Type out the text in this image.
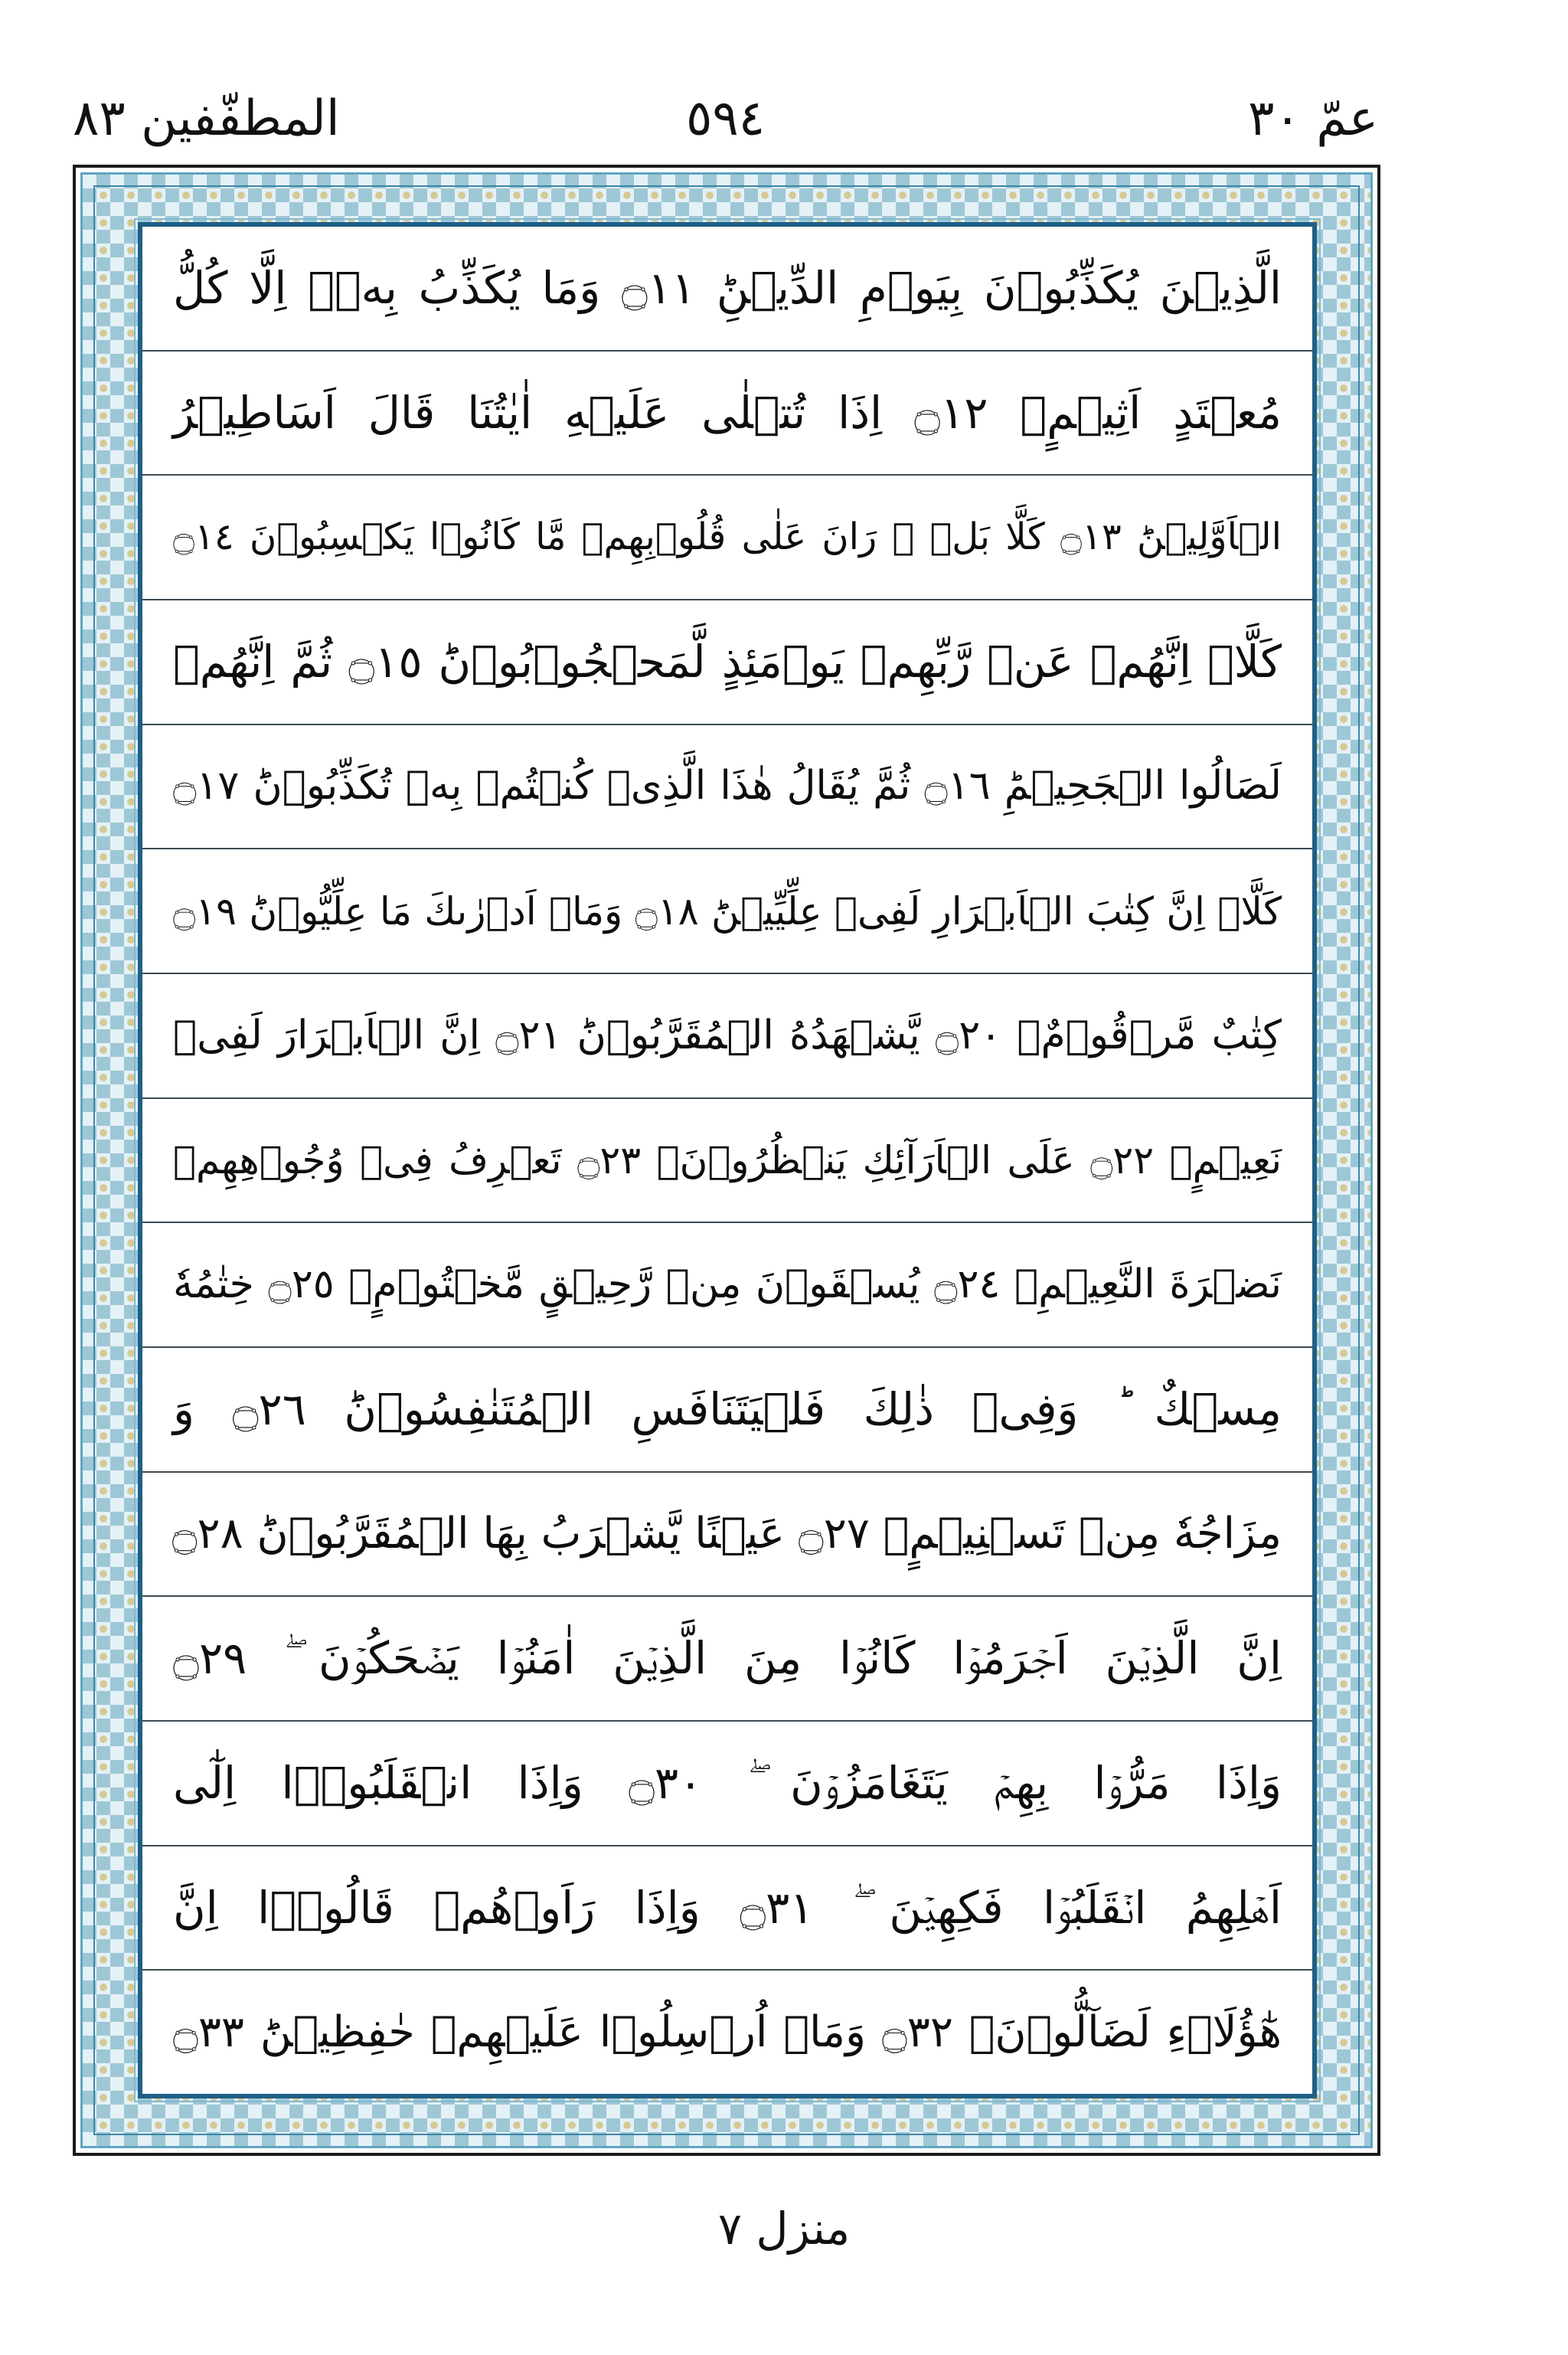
عمّ ٣٠
٥٩٤
المطفّفين ٨٣
الَّذِيۡنَ يُكَذِّبُوۡنَ بِيَوۡمِ الدِّيۡنِؕ ۝١١ وَمَا يُكَذِّبُ بِهٖۤ اِلَّا كُلُّ
مُعۡتَدٍ اَثِيۡمٍۙ ۝١٢ اِذَا تُتۡلٰى عَلَيۡهِ اٰيٰتُنَا قَالَ اَسَاطِيۡرُ
الۡاَوَّلِيۡنَؕ ۝١٣ كَلَّا بَلۡ ۜ رَانَ عَلٰى قُلُوۡبِهِمۡ مَّا كَانُوۡا يَكۡسِبُوۡنَ ۝١٤
كَلَّاۤ اِنَّهُمۡ عَنۡ رَّبِّهِمۡ يَوۡمَئِذٍ لَّمَحۡجُوۡبُوۡنَؕ ۝١٥ ثُمَّ اِنَّهُمۡ
لَصَالُوا الۡجَحِيۡمِؕ ۝١٦ ثُمَّ يُقَالُ هٰذَا الَّذِىۡ كُنۡتُمۡ بِهٖ تُكَذِّبُوۡنَؕ ۝١٧
كَلَّاۤ اِنَّ كِتٰبَ الۡاَبۡرَارِ لَفِىۡ عِلِّيِّيۡنَؕ ۝١٨ وَمَاۤ اَدۡرٰٮكَ مَا عِلِّيُّوۡنَؕ ۝١٩
كِتٰبٌ مَّرۡقُوۡمٌۙ ۝٢٠ يَّشۡهَدُهُ الۡمُقَرَّبُوۡنَؕ ۝٢١ اِنَّ الۡاَبۡرَارَ لَفِىۡ
نَعِيۡمٍۙ ۝٢٢ عَلَى الۡاَرَآئِكِ يَنۡظُرُوۡنَۙ ۝٢٣ تَعۡرِفُ فِىۡ وُجُوۡهِهِمۡ
نَضۡرَةَ النَّعِيۡمِۚ ۝٢٤ يُسۡقَوۡنَ مِنۡ رَّحِيۡقٍ مَّخۡتُوۡمٍۙ ۝٢٥ خِتٰمُهٗ
مِسۡكٌ ؕ وَفِىۡ ذٰلِكَ فَلۡيَتَنَافَسِ الۡمُتَنٰفِسُوۡنَؕ ۝٢٦ وَ
مِزَاجُهٗ مِنۡ تَسۡنِيۡمٍۙ ۝٢٧ عَيۡنًا يَّشۡرَبُ بِهَا الۡمُقَرَّبُوۡنَؕ ۝٢٨
اِنَّ الَّذِيۡنَ اَجۡرَمُوۡا كَانُوۡا مِنَ الَّذِيۡنَ اٰمَنُوۡا يَضۡحَكُوۡنَ ۖ ۝٢٩
وَاِذَا مَرُّوۡا بِهِمۡ يَتَغَامَزُوۡنَ ۖ ۝٣٠ وَاِذَا انۡقَلَبُوۡۤا اِلٰٓى
اَهۡلِهِمُ انۡقَلَبُوۡا فَكِهِيۡنَ ۖ ۝٣١ وَاِذَا رَاَوۡهُمۡ قَالُوۡۤا اِنَّ
هٰٓؤُلَاۤءِ لَضَآلُّوۡنَۙ ۝٣٢ وَمَاۤ اُرۡسِلُوۡا عَلَيۡهِمۡ حٰفِظِيۡنَؕ ۝٣٣
منزل ٧
